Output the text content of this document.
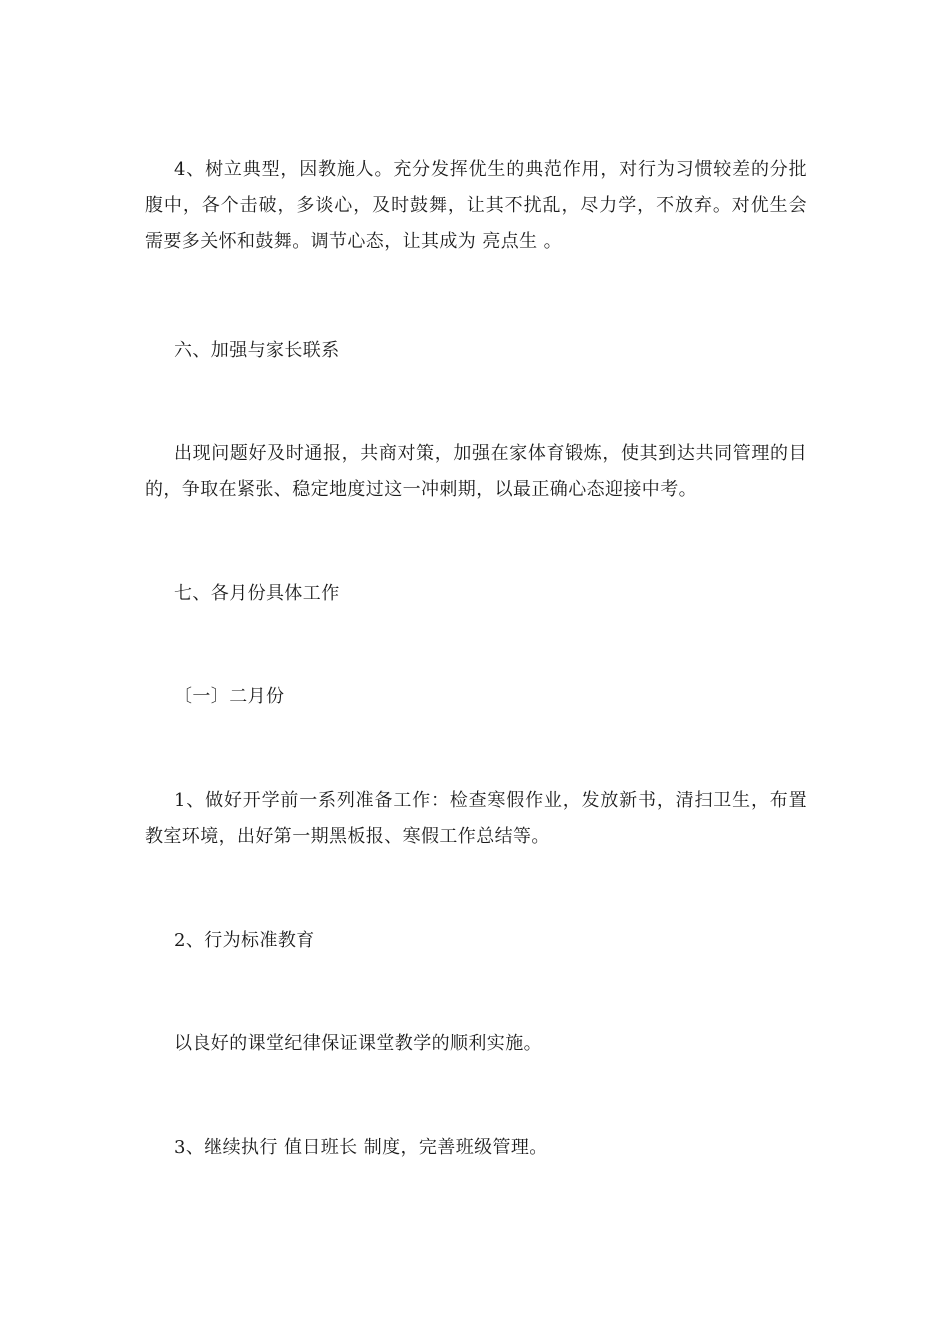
4、树立典型，因教施人。充分发挥优生的典范作用，对行为习惯较差的分批腹中，各个击破，多谈心，及时鼓舞，让其不扰乱，尽力学，不放弃。对优生会需要多关怀和鼓舞。调节心态，让其成为 亮点生 。

六、加强与家长联系

出现问题好及时通报，共商对策，加强在家体育锻炼，使其到达共同管理的目的，争取在紧张、稳定地度过这一冲刺期，以最正确心态迎接中考。

七、各月份具体工作

〔一〕二月份

1、做好开学前一系列准备工作：检查寒假作业，发放新书，清扫卫生，布置教室环境，出好第一期黑板报、寒假工作总结等。

2、行为标准教育

以良好的课堂纪律保证课堂教学的顺利实施。

3、继续执行 值日班长 制度，完善班级管理。
